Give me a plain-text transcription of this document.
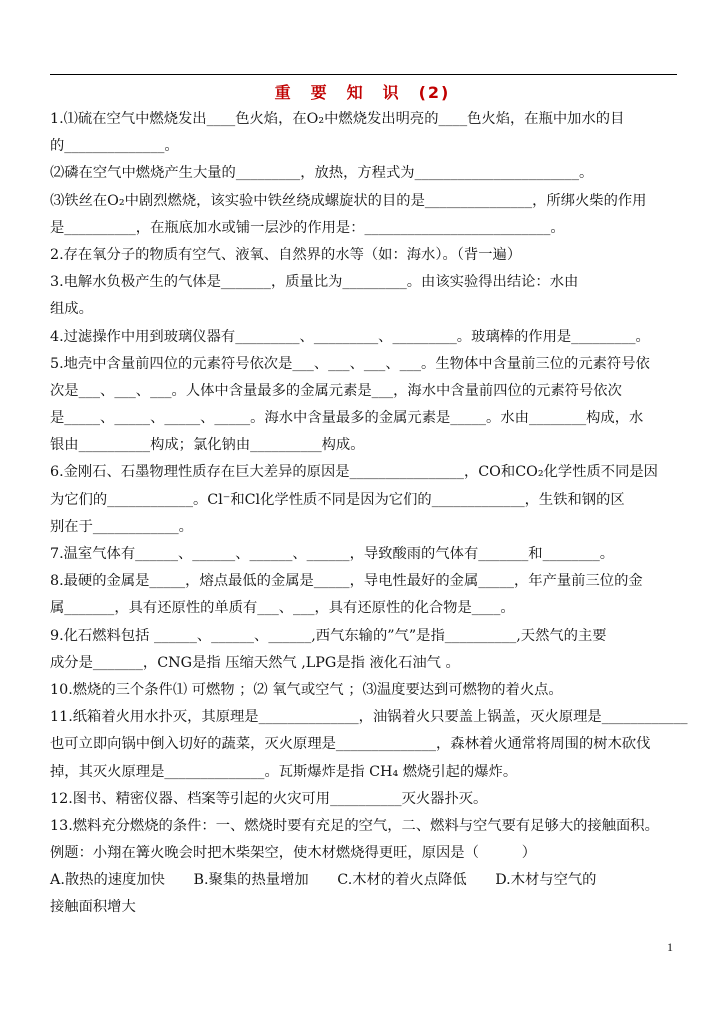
重　要　知　识　(2)
1.⑴硫在空气中燃烧发出____色火焰，在O₂中燃烧发出明亮的____色火焰，在瓶中加水的目
的______________。
⑵磷在空气中燃烧产生大量的_________，放热，方程式为_______________________。
⑶铁丝在O₂中剧烈燃烧，该实验中铁丝绕成螺旋状的目的是_______________，所绑火柴的作用
是__________，在瓶底加水或铺一层沙的作用是：__________________________。
2.存在氧分子的物质有空气、液氧、自然界的水等（如：海水）。（背一遍）
3.电解水负极产生的气体是_______，质量比为_________。由该实验得出结论：水由
组成。
4.过滤操作中用到玻璃仪器有_________、_________、_________。玻璃棒的作用是_________。
5.地壳中含量前四位的元素符号依次是___、___、___、___。生物体中含量前三位的元素符号依
次是___、___、___。人体中含量最多的金属元素是___，海水中含量前四位的元素符号依次
是_____、_____、_____、_____。海水中含量最多的金属元素是_____。水由________构成，水
银由__________构成；氯化钠由__________构成。
6.金刚石、石墨物理性质存在巨大差异的原因是________________，CO和CO₂化学性质不同是因
为它们的____________。Cl⁻和Cl化学性质不同是因为它们的_____________，生铁和钢的区
别在于____________。
7.温室气体有______、______、______、______，导致酸雨的气体有_______和________。
8.最硬的金属是_____，熔点最低的金属是_____，导电性最好的金属_____，年产量前三位的金
属_______，具有还原性的单质有___、___，具有还原性的化合物是____。
9.化石燃料包括 ______、______、______,西气东输的”气”是指__________,天然气的主要
成分是_______，CNG是指 压缩天然气 ,LPG是指 液化石油气 。
10.燃烧的三个条件⑴ 可燃物 ；⑵ 氧气或空气 ；⑶温度要达到可燃物的着火点。
11.纸箱着火用水扑灭，其原理是______________，油锅着火只要盖上锅盖，灭火原理是____________
也可立即向锅中倒入切好的蔬菜，灭火原理是______________，森林着火通常将周围的树木砍伐
掉，其灭火原理是______________。瓦斯爆炸是指 CH₄ 燃烧引起的爆炸。
12.图书、精密仪器、档案等引起的火灾可用__________灭火器扑灭。
13.燃料充分燃烧的条件：一、燃烧时要有充足的空气，二、燃料与空气要有足够大的接触面积。
例题：小翔在篝火晚会时把木柴架空，使木材燃烧得更旺，原因是（　　　）
A.散热的速度加快　　B.聚集的热量增加　　C.木材的着火点降低　　D.木材与空气的
接触面积增大
1
